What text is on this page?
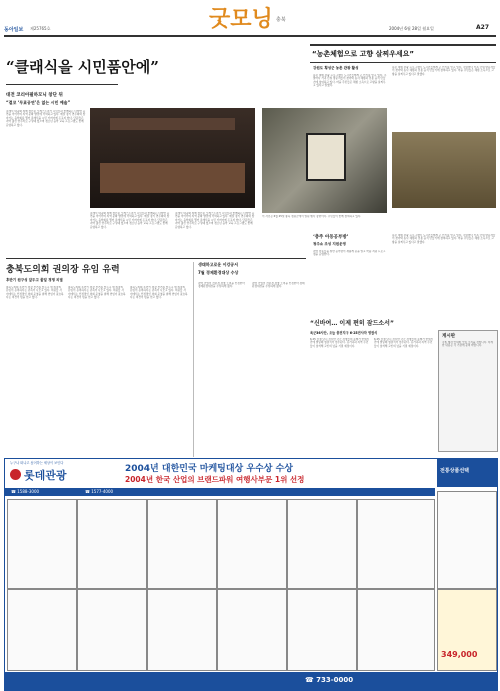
동아일보 제25765호	굿모닝 충북
2004년 6월 28일 월요일	A27
“클래식을 시민품안에”
대전 코리아필하모닉 창단 뒤
“결코 ‘무료공연’은 없는 시민 예술”
클래식 대중화 위해 창단된 오케스트라가 시민들과 함께하는 다양한 공연을 이어가며 지역 문화 발전에 기여하고 있다. 매달 정기 연주회와 찾아가는 음악회를 열어 클래식을 시민 가까이에 두고자 한다. 단원들은 지역 출신 연주자로 구성돼 있으며 청소년 음악 교육 프로그램도 함께 운영하고 있다.
클래식 대중화 위해 창단된 오케스트라가 시민들과 함께하는 다양한 공연을 이어가며 지역 문화 발전에 기여하고 있다. 매달 정기 연주회와 찾아가는 음악회를 열어 클래식을 시민 가까이에 두고자 한다. 단원들은 지역 출신 연주자로 구성돼 있으며 청소년 음악 교육 프로그램도 함께 운영하고 있다.
클래식 대중화 위해 창단된 오케스트라가 시민들과 함께하는 다양한 공연을 이어가며 지역 문화 발전에 기여하고 있다. 매달 정기 연주회와 찾아가는 음악회를 열어 클래식을 시민 가까이에 두고자 한다. 단원들은 지역 출신 연주자로 구성돼 있으며 청소년 음악 교육 프로그램도 함께 운영하고 있다.
이 사진은 6월 25일 충북 청원군에서 열린 행사 장면이다. 주민들이 함께 참여하고 있다.
“농촌체험으로 고향 살찌우세요”
강원도 횡성군 농촌 관광 활성
농촌 체험 관광 프로그램이 도시민들에게 큰 인기를 얻고 있다. 주말마다 가족 단위 방문객들이 찾아와 농사 체험과 전통 음식 만들기에 참여하고 있다. 마을 주민들은 체험 소득으로 고향을 살찌우고 있다고 말했다.
농촌 체험 관광 프로그램이 도시민들에게 큰 인기를 얻고 있다. 주말마다 가족 단위 방문객들이 찾아와 농사 체험과 전통 음식 만들기에 참여하고 있다. 마을 주민들은 체험 소득으로 고향을 살찌우고 있다고 말했다.
‘충주 아동공부방’
청주쇼 조성 지원운영
지역 아동들을 위한 공부방이 새롭게 문을 열고 학습 지원 프로그램을 운영한다.
농촌 체험 관광 프로그램이 도시민들에게 큰 인기를 얻고 있다. 주말마다 가족 단위 방문객들이 찾아와 농사 체험과 전통 음식 만들기에 참여하고 있다. 마을 주민들은 체험 소득으로 고향을 살찌우고 있다고 말했다.
충북도의회 권의장 유임 유력
후반기 원구성 앞두고 물밑 경쟁 치열
충북도의회 후반기 의장 선거를 앞두고 현 의장의 유임이 유력하다는 관측이 나오고 있다. 의원들 사이에서는 안정적인 의회 운영을 위해 연임이 필요하다는 의견이 힘을 얻고 있다.
충북도의회 후반기 의장 선거를 앞두고 현 의장의 유임이 유력하다는 관측이 나오고 있다. 의원들 사이에서는 안정적인 의회 운영을 위해 연임이 필요하다는 의견이 힘을 얻고 있다.
충북도의회 후반기 의장 선거를 앞두고 현 의장의 유임이 유력하다는 관측이 나오고 있다. 의원들 사이에서는 안정적인 의회 운영을 위해 연임이 필요하다는 의견이 힘을 얻고 있다.
생태하고로운 이강공서
7월 경제환경대상 수상
지역 기업이 친환경 경영 노력을 인정받아 경제환경대상을 수상하게 됐다.
지역 기업이 친환경 경영 노력을 인정받아 경제환경대상을 수상하게 됐다.
“신바여… 이제 편히 잠드소서”
육군36사단, 오늘 충전지구 6·25전사자 영결식
6·25 전쟁 당시 전사한 국군 장병들의 유해가 반세기 만에 발굴돼 영결식이 엄수된다. 유가족과 지역 주민들이 참석해 고인의 넋을 기릴 예정이다.
6·25 전쟁 당시 전사한 국군 장병들의 유해가 반세기 만에 발굴돼 영결식이 엄수된다. 유가족과 지역 주민들이 참석해 고인의 넋을 기릴 예정이다.
게시판
각종 행사 안내와 모임 소식을 전합니다. 자세한 내용은 각 기관에 문의 바랍니다.
누구나 떠나고 싶어하는 세상이 보인다
롯데관광	2004년 대한민국 마케팅대상 우수상 수상
2004년 한국 산업의 브랜드파워 여행사부문 1위 선정
전통상품선택
☎ 1588-3000	☎ 1577-4000
349,000
☎ 733-0000
